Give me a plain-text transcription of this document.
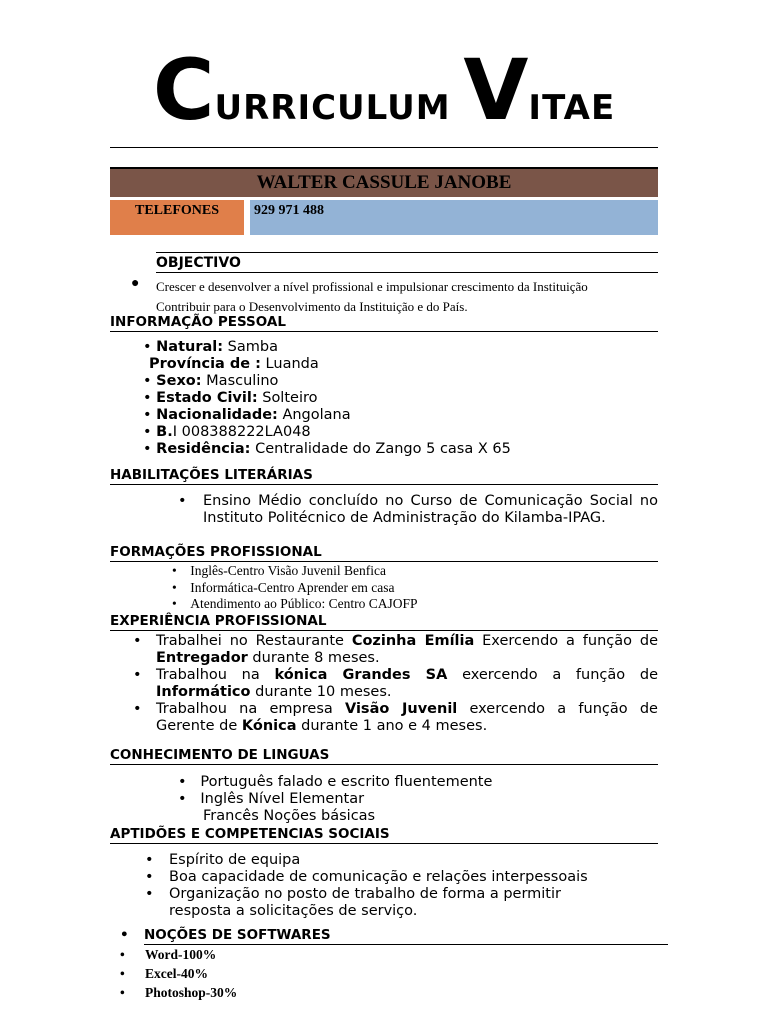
CURRICULUM VITAE
WALTER CASSULE JANOBE
TELEFONES	929 971 488
OBJECTIVO
● Crescer e desenvolver a nível profissional e impulsionar crescimento da Instituição
Contribuir para o Desenvolvimento da Instituição e do País.
INFORMAÇÃO PESSOAL
• Natural: Samba
Província de : Luanda
• Sexo: Masculino
• Estado Civil: Solteiro
• Nacionalidade: Angolana
• B.I 008388222LA048
• Residência: Centralidade do Zango 5 casa X 65
HABILITAÇÕES LITERÁRIAS
• Ensino Médio concluído no Curso de Comunicação Social no Instituto Politécnico de Administração do Kilamba-IPAG.
FORMAÇÕES PROFISSIONAL
•    Inglês-Centro Visão Juvenil Benfica
•    Informática-Centro Aprender em casa
•    Atendimento ao Público: Centro CAJOFP
EXPERIÊNCIA PROFISSIONAL
• Trabalhei no Restaurante Cozinha Emília Exercendo a função de Entregador durante 8 meses.
• Trabalhou na kónica Grandes SA exercendo a função de Informático durante 10 meses.
• Trabalhou na empresa Visão Juvenil exercendo a função de Gerente de Kónica durante 1 ano e 4 meses.
CONHECIMENTO DE LINGUAS
•   Português falado e escrito fluentemente
•   Inglês Nível Elementar
Francês Noções básicas
APTIDÕES E COMPETENCIAS SOCIAIS
• Espírito de equipa
• Boa capacidade de comunicação e relações interpessoais
• Organização no posto de trabalho de forma a permitir resposta a solicitações de serviço.
• NOÇÕES DE SOFTWARES
•      Word-100%
•      Excel-40%
•      Photoshop-30%
